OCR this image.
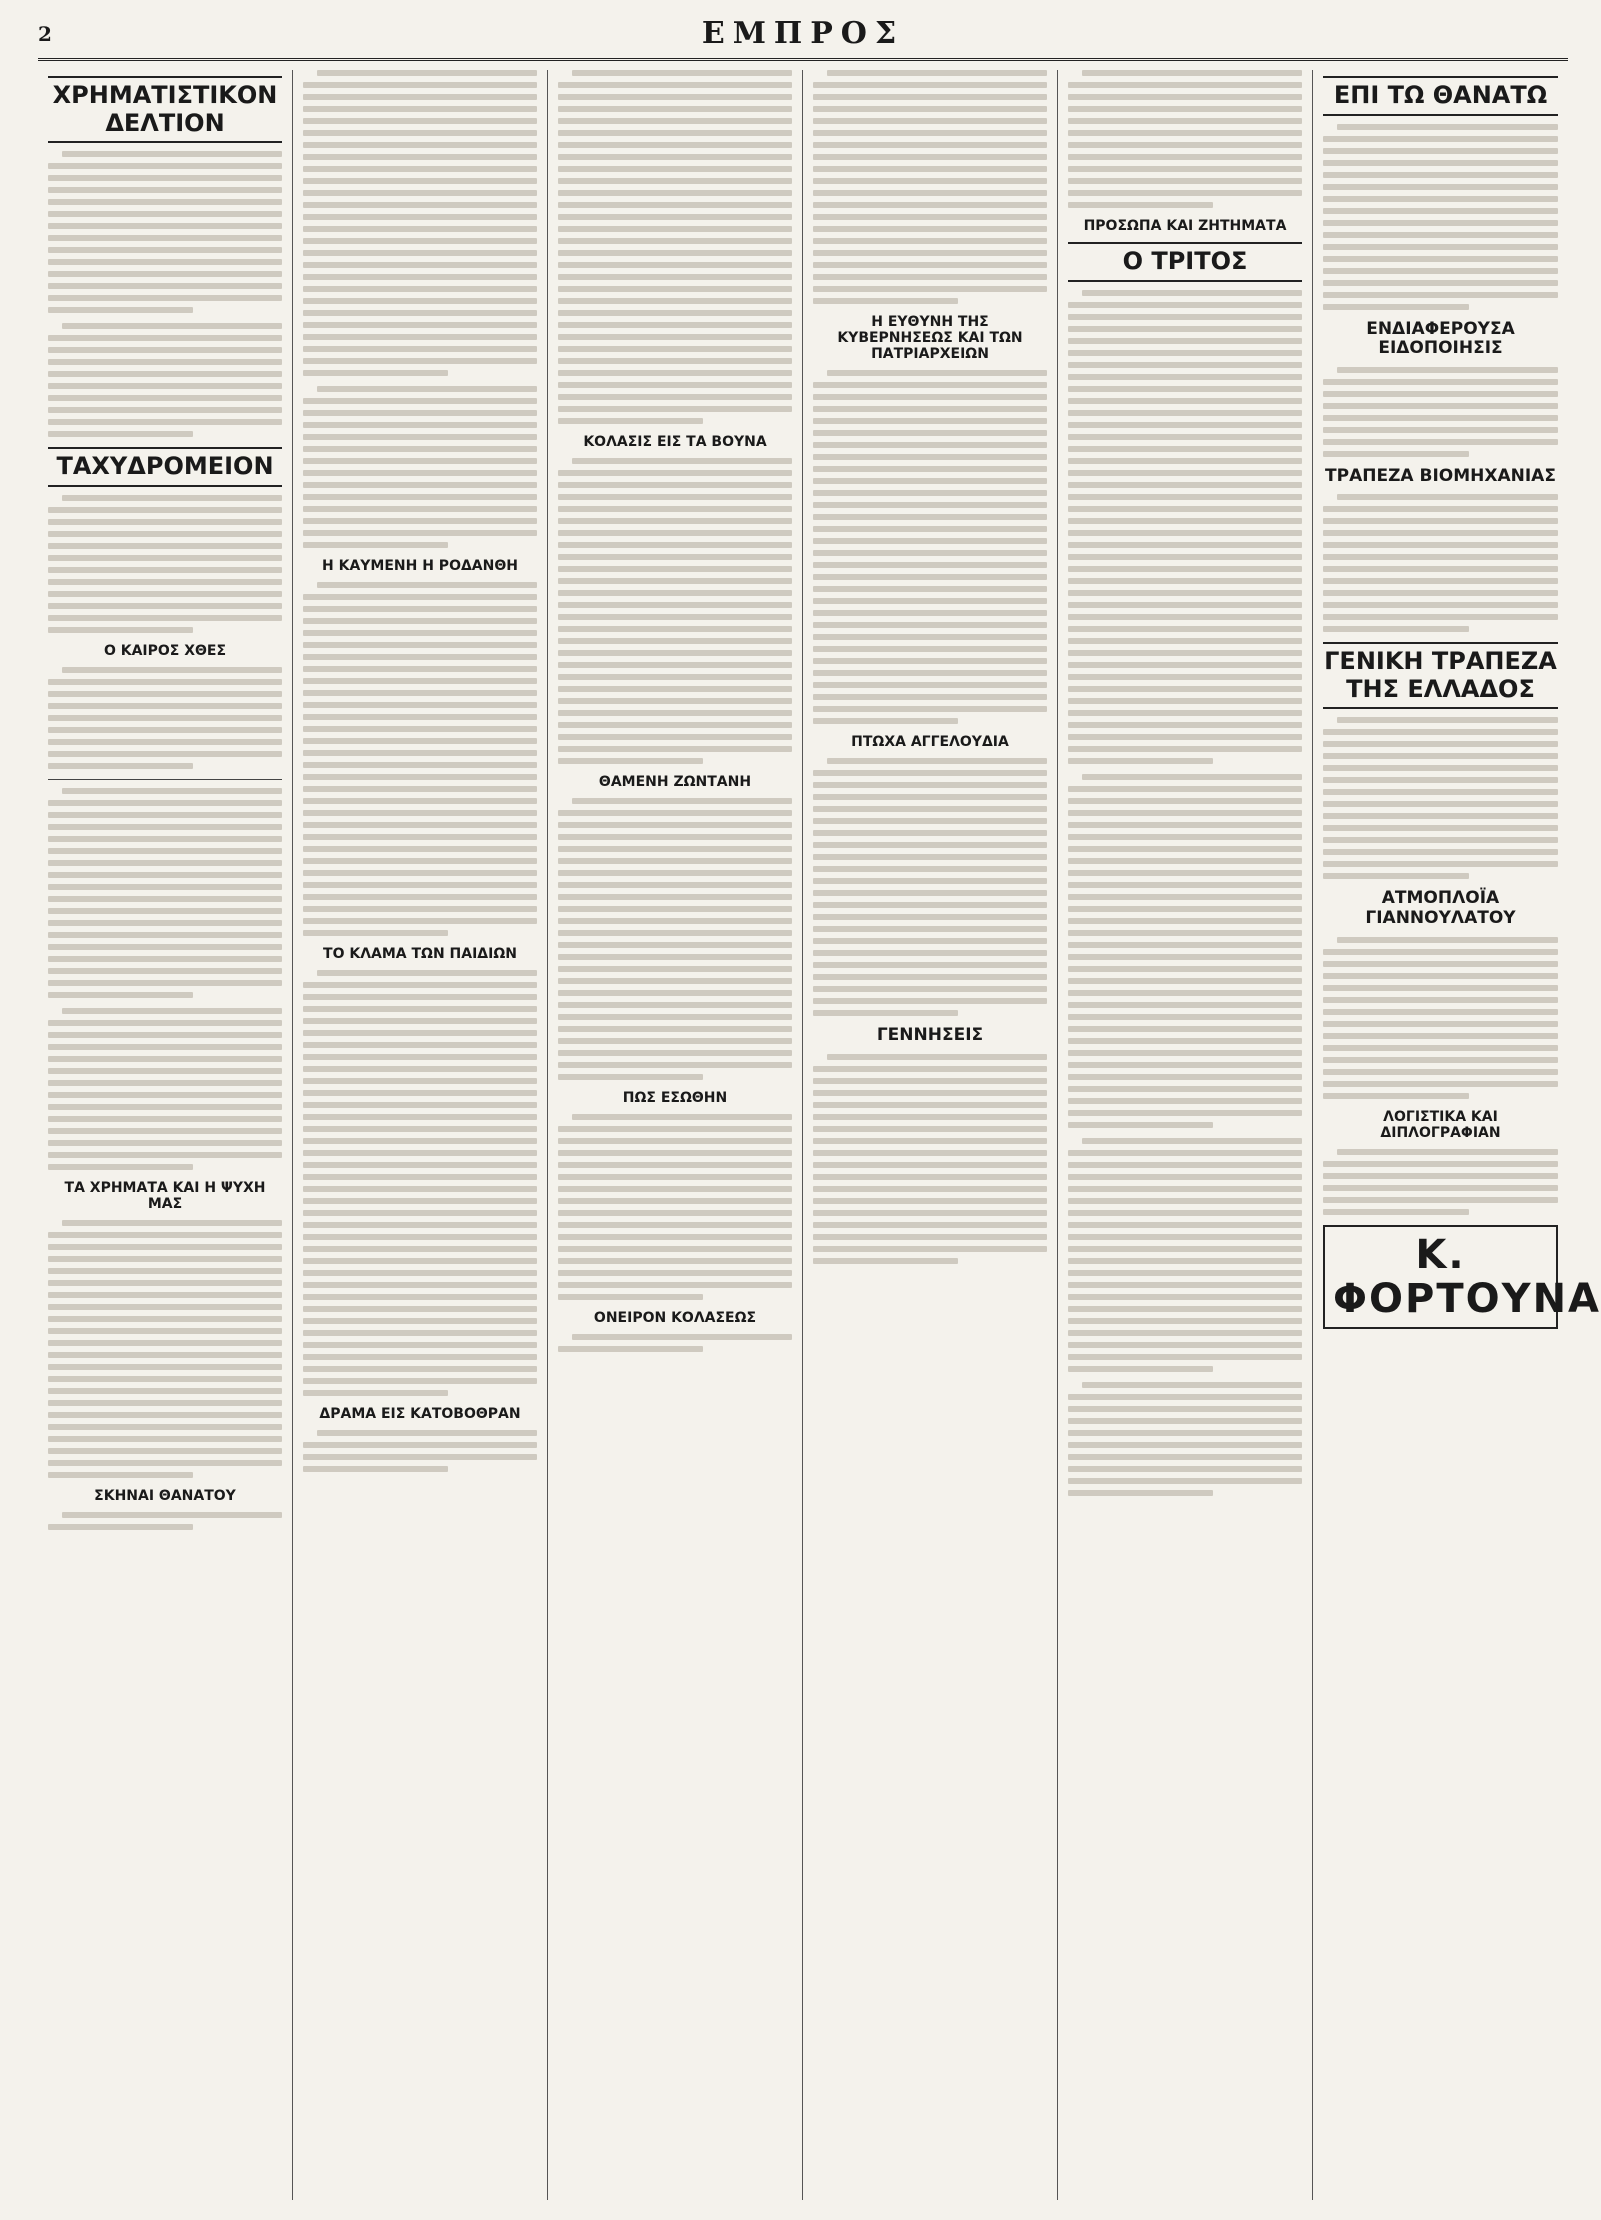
2	ΕΜΠΡΟΣ
ΧΡΗΜΑΤΙΣΤΙΚΟΝ ΔΕΛΤΙΟΝ
ΤΑΧΥΔΡΟΜΕΙΟΝ
Ο ΚΑΙΡΟΣ ΧΘΕΣ
ΤΑ ΧΡΗΜΑΤΑ ΚΑΙ Η ΨΥΧΗ ΜΑΣ
ΣΚΗΝΑΙ ΘΑΝΑΤΟΥ
Η ΚΑΥΜΕΝΗ Η ΡΟΔΑΝΘΗ
ΤΟ ΚΛΑΜΑ ΤΩΝ ΠΑΙΔΙΩΝ
ΔΡΑΜΑ ΕΙΣ ΚΑΤΟΒΟΘΡΑΝ
ΚΟΛΑΣΙΣ ΕΙΣ ΤΑ ΒΟΥΝΑ
ΘΑΜΕΝΗ ΖΩΝΤΑΝΗ
ΠΩΣ ΕΣΩΘΗΝ
ΟΝΕΙΡΟΝ ΚΟΛΑΣΕΩΣ
Η ΕΥΘΥΝΗ ΤΗΣ ΚΥΒΕΡΝΗΣΕΩΣ ΚΑΙ ΤΩΝ ΠΑΤΡΙΑΡΧΕΙΩΝ
ΠΤΩΧΑ ΑΓΓΕΛΟΥΔΙΑ
ΓΕΝΝΗΣΕΙΣ
ΠΡΟΣΩΠΑ ΚΑΙ ΖΗΤΗΜΑΤΑ
Ο ΤΡΙΤΟΣ
ΕΠΙ ΤΩ ΘΑΝΑΤΩ
ΕΝΔΙΑΦΕΡΟΥΣΑ ΕΙΔΟΠΟΙΗΣΙΣ
ΤΡΑΠΕΖΑ ΒΙΟΜΗΧΑΝΙΑΣ
ΓΕΝΙΚΗ ΤΡΑΠΕΖΑ ΤΗΣ ΕΛΛΑΔΟΣ
ΑΤΜΟΠΛΟΪΑ ΓΙΑΝΝΟΥΛΑΤΟΥ
ΛΟΓΙΣΤΙΚΑ ΚΑΙ ΔΙΠΛΟΓΡΑΦΙΑΝ
Κ. ΦΟΡΤΟΥΝΑ
